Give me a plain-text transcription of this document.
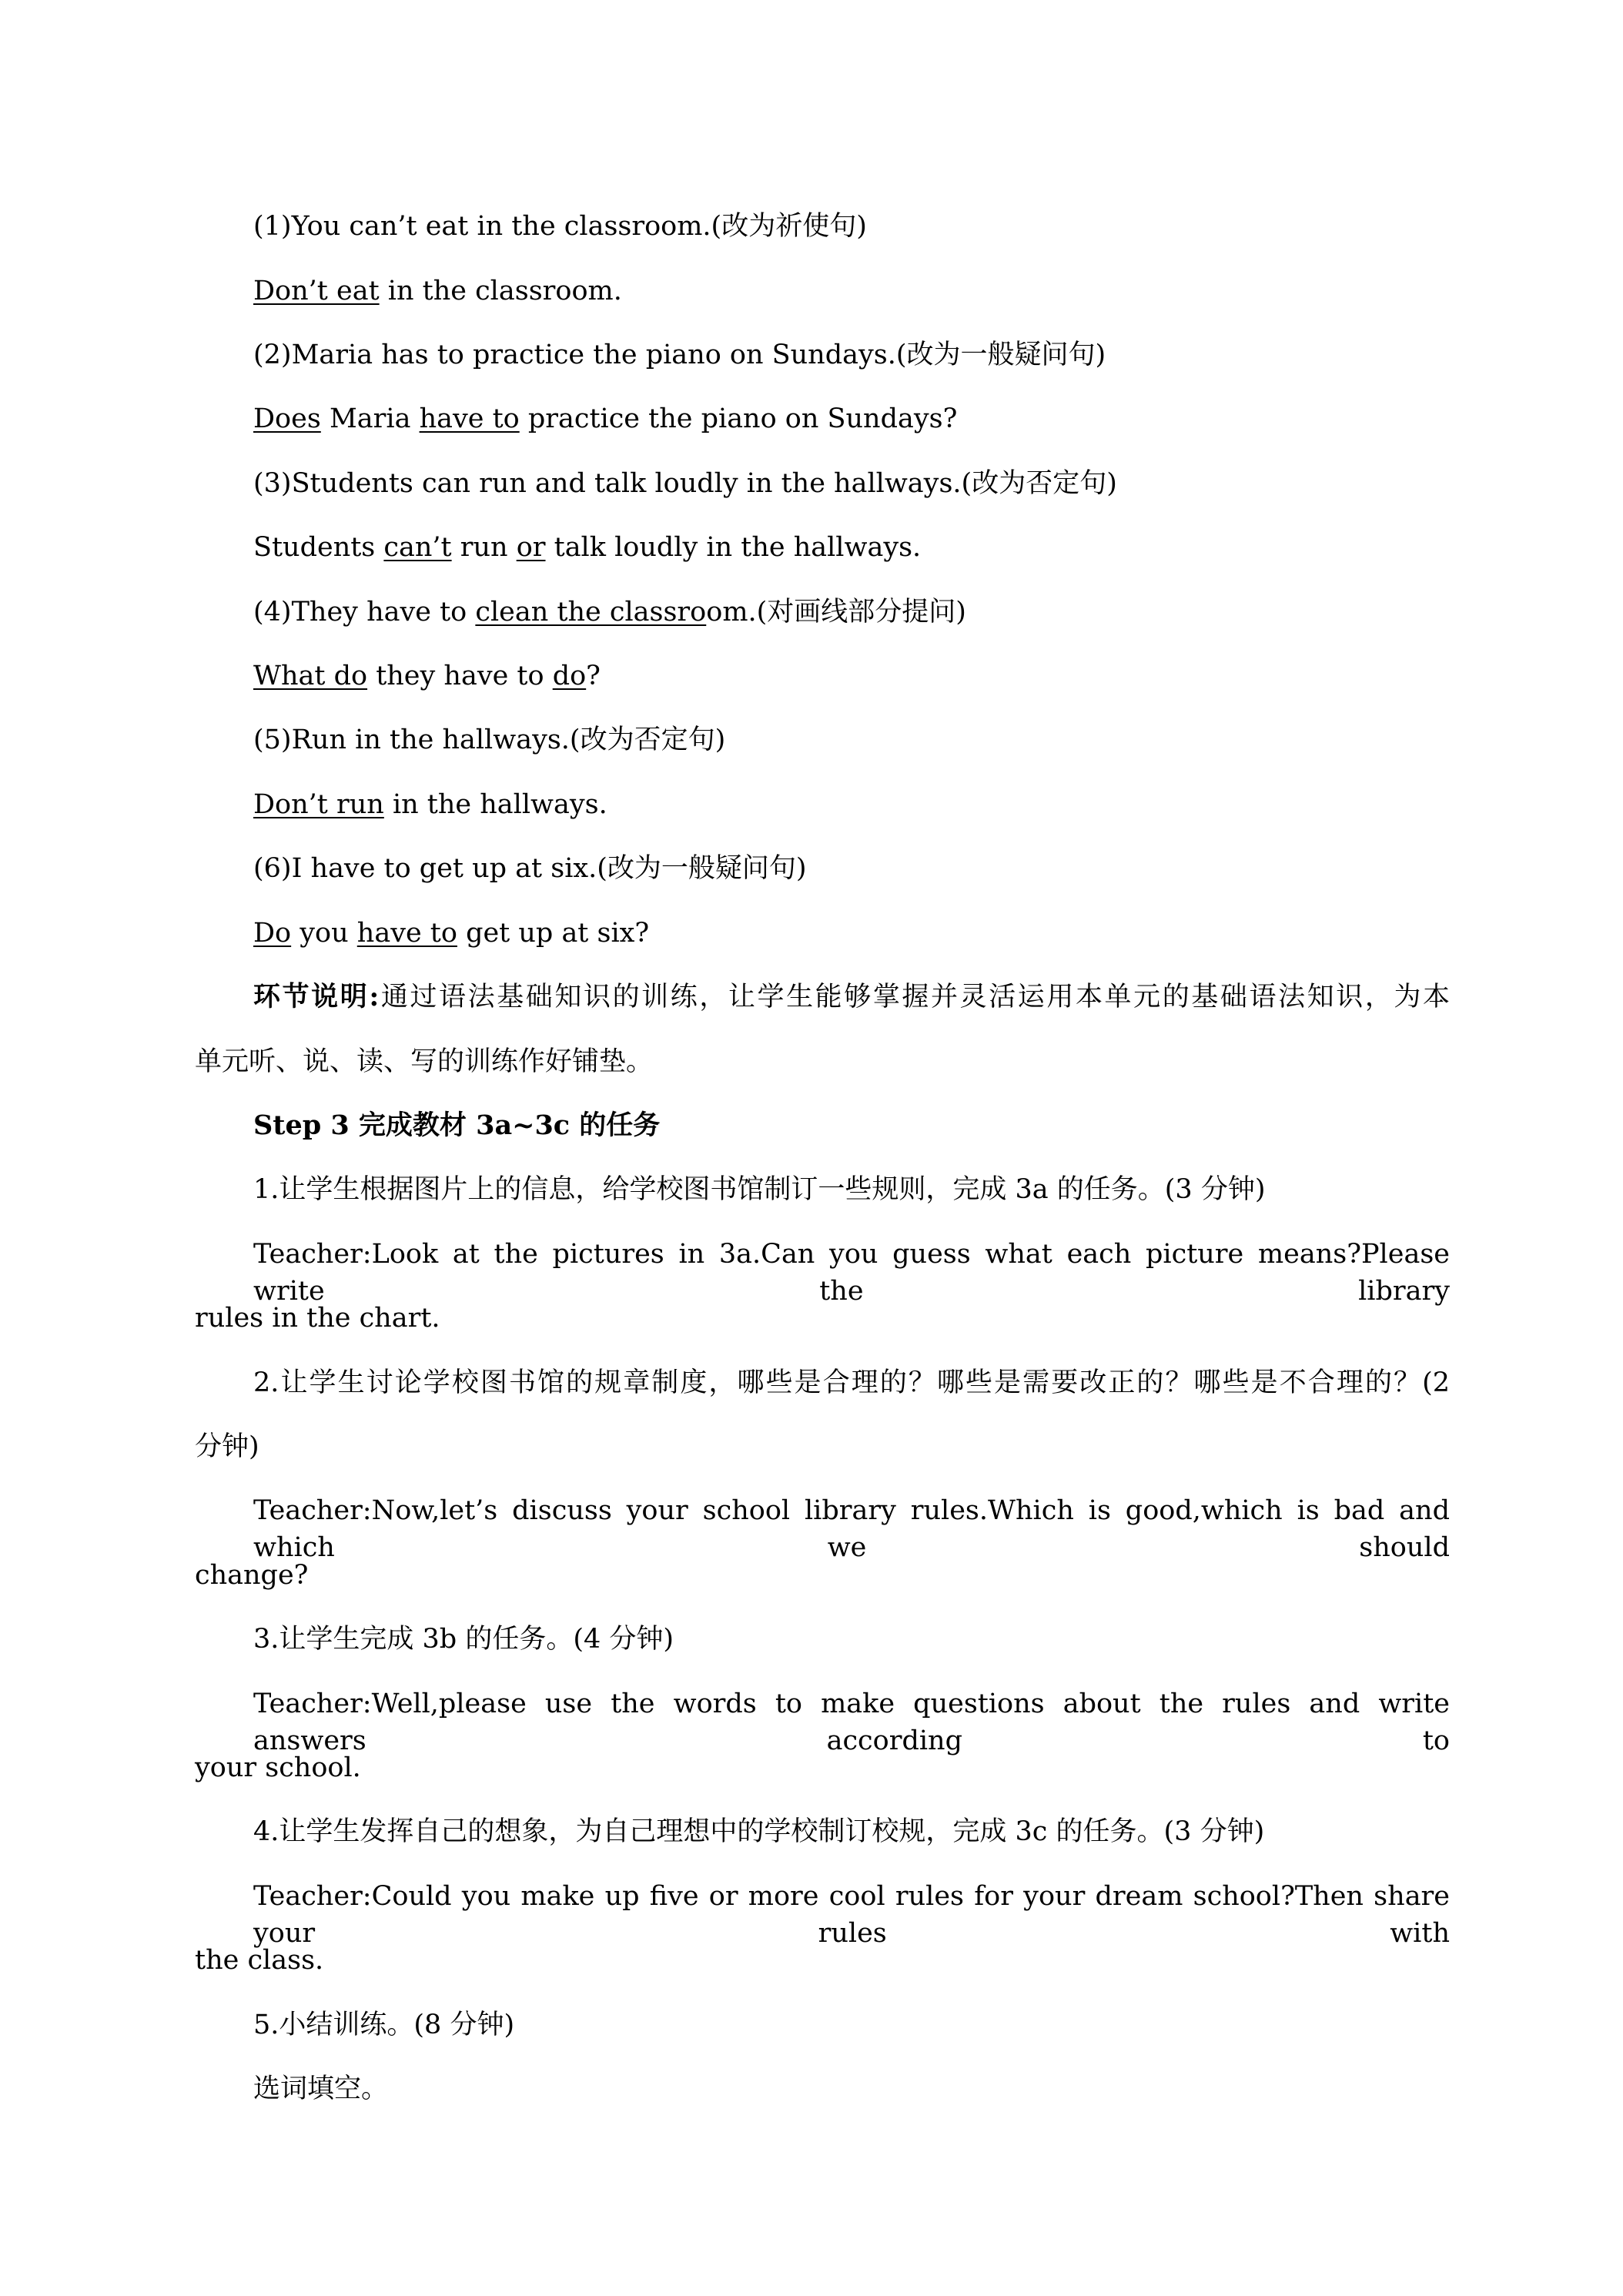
(1)You can’t eat in the classroom.(改为祈使句)
Don’t eat in the classroom.
(2)Maria has to practice the piano on Sundays.(改为一般疑问句)
Does Maria have to practice the piano on Sundays?
(3)Students can run and talk loudly in the hallways.(改为否定句)
Students can’t run or talk loudly in the hallways.
(4)They have to clean the classroom.(对画线部分提问)
What do they have to do?
(5)Run in the hallways.(改为否定句)
Don’t run in the hallways.
(6)I have to get up at six.(改为一般疑问句)
Do you have to get up at six?
环节说明:通过语法基础知识的训练，让学生能够掌握并灵活运用本单元的基础语法知识，为本
单元听、说、读、写的训练作好铺垫。
Step 3 完成教材 3a~3c 的任务
1.让学生根据图片上的信息，给学校图书馆制订一些规则，完成 3a 的任务。(3 分钟)
Teacher:Look at the pictures in 3a.Can you guess what each picture means?Please write the library
rules in the chart.
2.让学生讨论学校图书馆的规章制度，哪些是合理的？哪些是需要改正的？哪些是不合理的？(2
分钟)
Teacher:Now,let’s discuss your school library rules.Which is good,which is bad and which we should
change?
3.让学生完成 3b 的任务。(4 分钟)
Teacher:Well,please use the words to make questions about the rules and write answers according to
your school.
4.让学生发挥自己的想象，为自己理想中的学校制订校规，完成 3c 的任务。(3 分钟)
Teacher:Could you make up five or more cool rules for your dream school?Then share your rules with
the class.
5.小结训练。(8 分钟)
选词填空。
